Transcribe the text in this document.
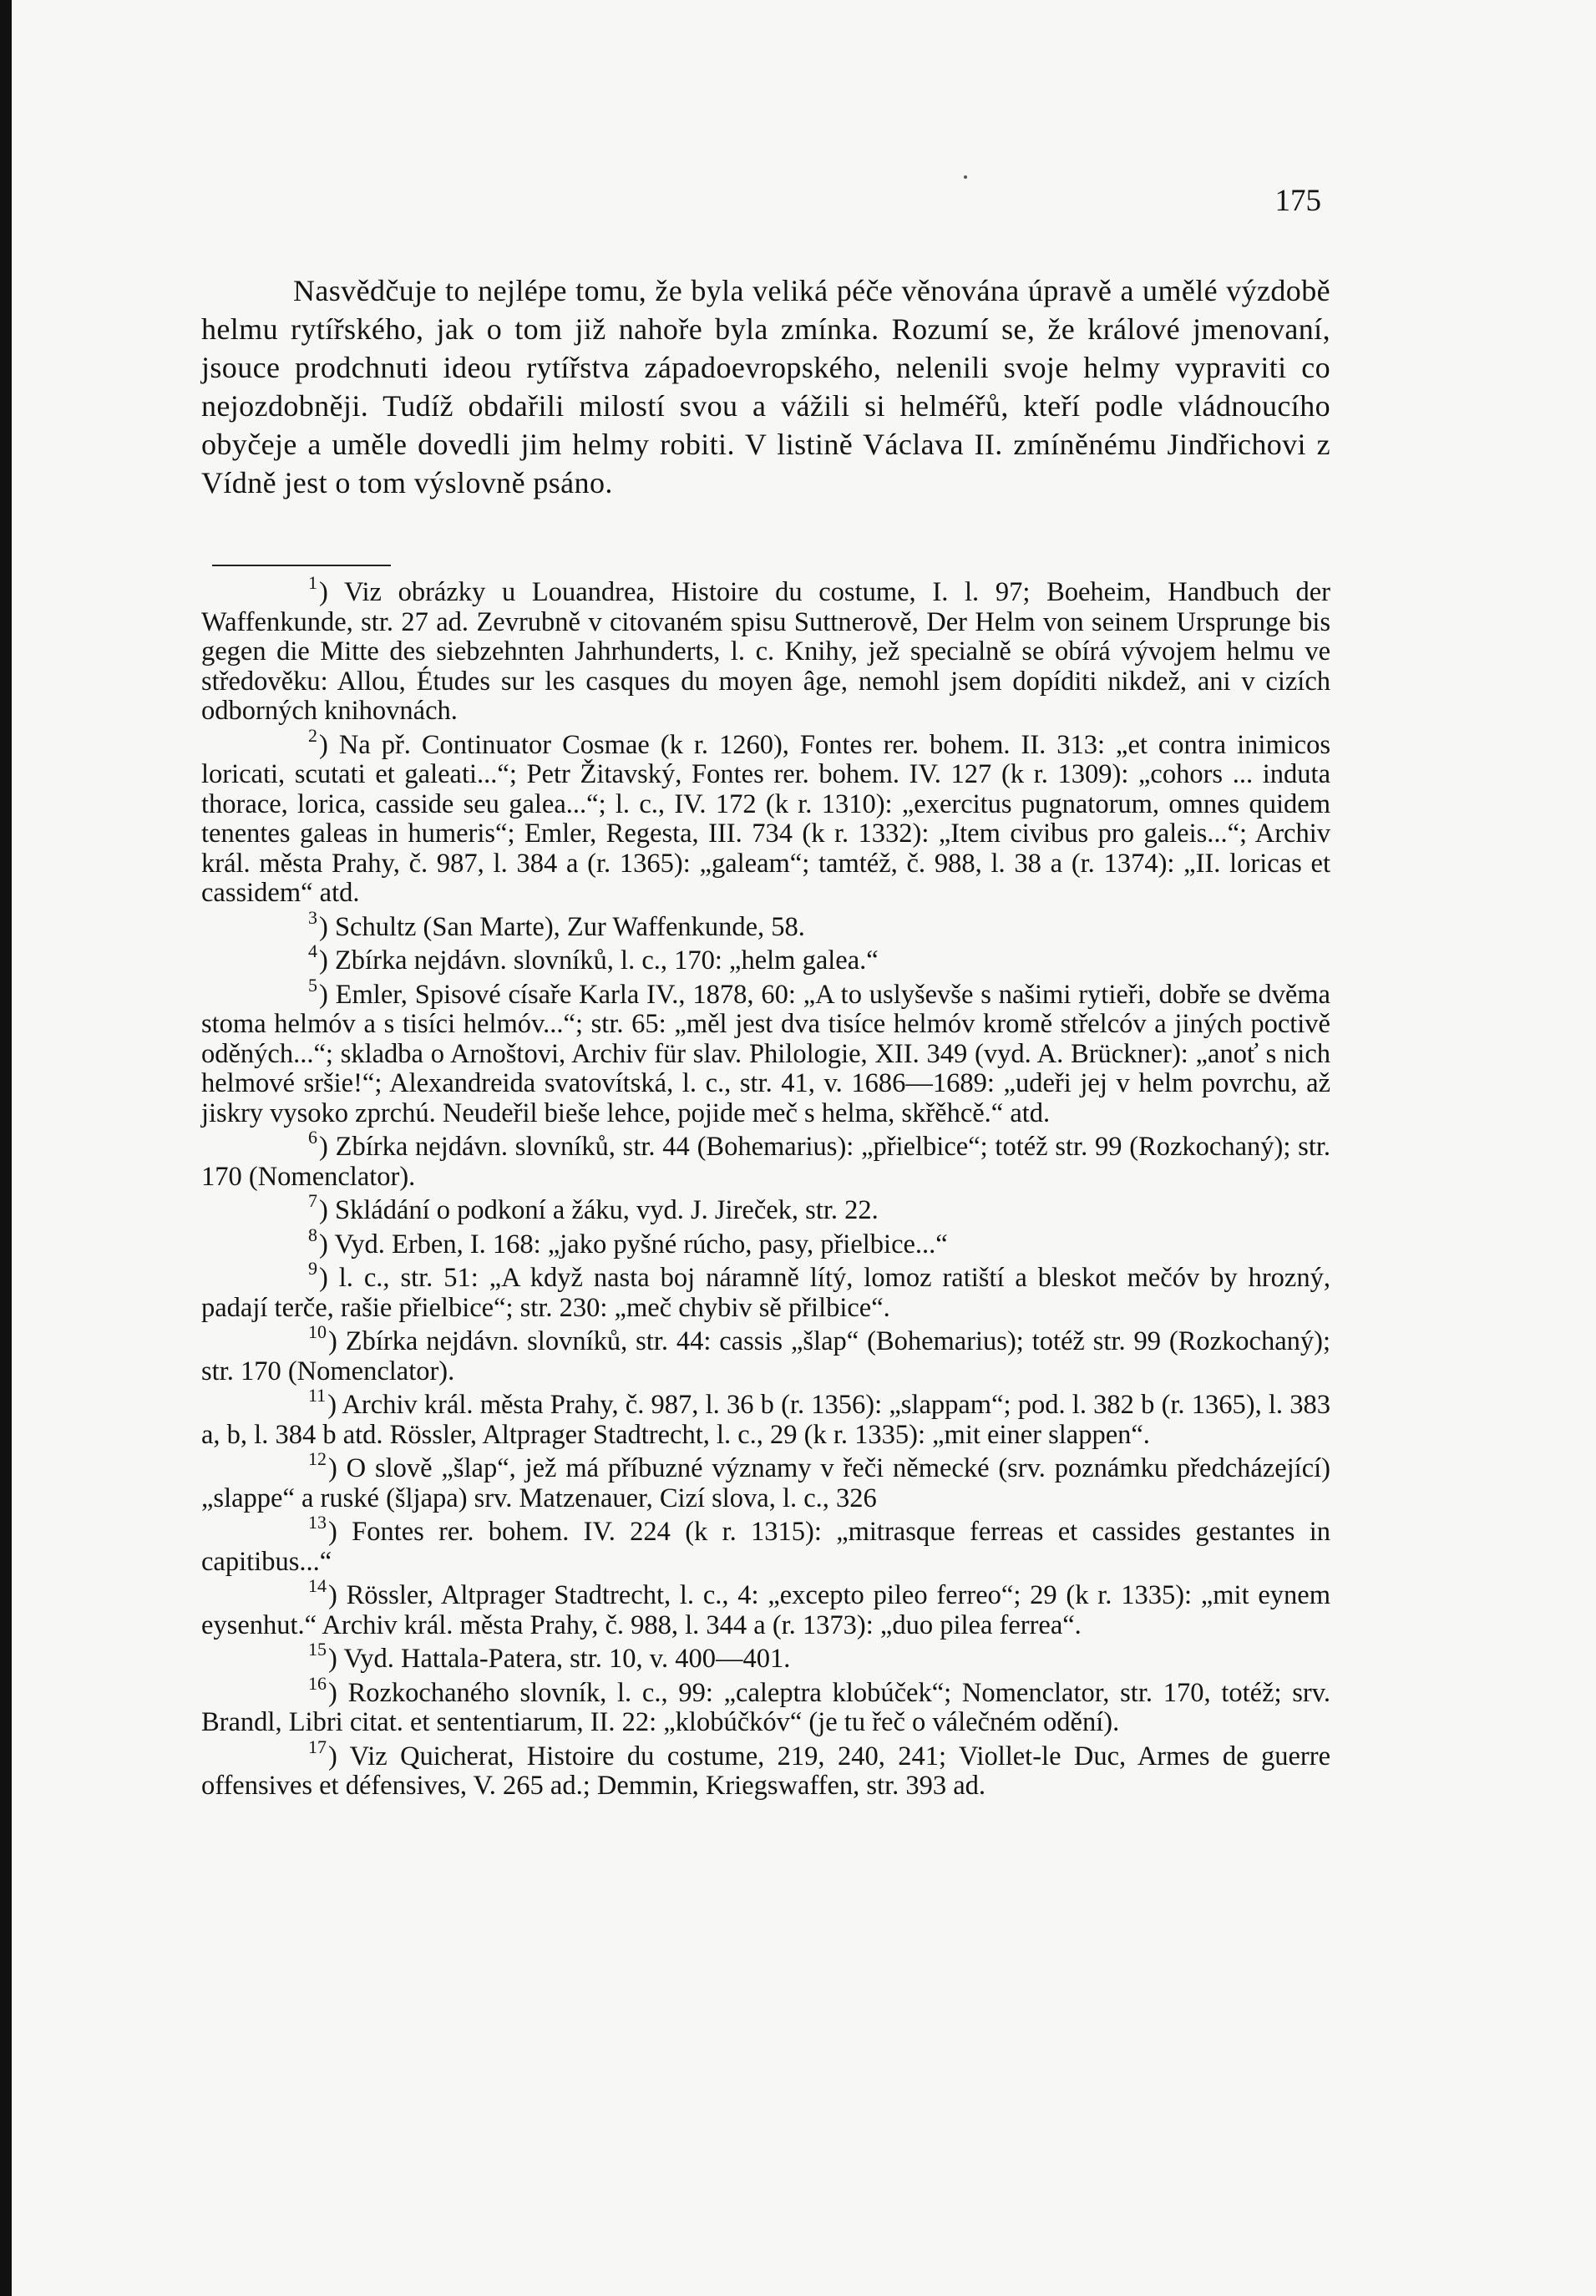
175

Nasvědčuje to nejlépe tomu, že byla veliká péče věnována úpravě a umělé výzdobě helmu rytířského, jak o tom již nahoře byla zmínka. Rozumí se, že králové jmenovaní, jsouce prodchnuti ideou rytířstva západoevropského, nelenili svoje helmy vypraviti co nejozdobněji. Tudíž obdařili milostí svou a vážili si helméřů, kteří podle vládnoucího obyčeje a uměle dovedli jim helmy robiti. V listině Václava II. zmíněnému Jindřichovi z Vídně jest o tom výslovně psáno.

$^1$) Viz obrázky u Louandrea, Histoire du costume, I. l. 97; Boeheim, Handbuch der Waffenkunde, str. 27 ad. Zevrubně v citovaném spisu Suttnerově, Der Helm von seinem Ursprunge bis gegen die Mitte des siebzehnten Jahrhunderts, l. c. Knihy, jež specialně se obírá vývojem helmu ve středověku: Allou, Études sur les casques du moyen âge, nemohl jsem dopíditi nikdež, ani v cizích odborných knihovnách.

$^2$) Na př. Continuator Cosmae (k r. 1260), Fontes rer. bohem. II. 313: „et contra inimicos loricati, scutati et galeati...“; Petr Žitavský, Fontes rer. bohem. IV. 127 (k r. 1309): „cohors ... induta thorace, lorica, casside seu galea...“; l. c., IV. 172 (k r. 1310): „exercitus pugnatorum, omnes quidem tenentes galeas in humeris“; Emler, Regesta, III. 734 (k r. 1332): „Item civibus pro galeis...“; Archiv král. města Prahy, č. 987, l. 384 a (r. 1365): „galeam“; tamtéž, č. 988, l. 38 a (r. 1374): „II. loricas et cassidem“ atd.

$^3$) Schultz (San Marte), Zur Waffenkunde, 58.

$^4$) Zbírka nejdávn. slovníků, l. c., 170: „helm galea.“

$^5$) Emler, Spisové císaře Karla IV., 1878, 60: „A to uslyševše s našimi rytieři, dobře se dvěma stoma helmóv a s tisíci helmóv...“; str. 65: „měl jest dva tisíce helmóv kromě střelcóv a jiných poctivě oděných...“; skladba o Arnoštovi, Archiv für slav. Philologie, XII. 349 (vyd. A. Brückner): „anoť s nich helmové sršie!“; Alexandreida svatovítská, l. c., str. 41, v. 1686—1689: „udeři jej v helm povrchu, až jiskry vysoko zprchú. Neudeřil bieše lehce, pojide meč s helma, skřěhcě.“ atd.

$^6$) Zbírka nejdávn. slovníků, str. 44 (Bohemarius): „přielbice“; totéž str. 99 (Rozkochaný); str. 170 (Nomenclator).

$^7$) Skládání o podkoní a žáku, vyd. J. Jireček, str. 22.

$^8$) Vyd. Erben, I. 168: „jako pyšné rúcho, pasy, přielbice...“

$^9$) l. c., str. 51: „A když nasta boj náramně lítý, lomoz ratiští a bleskot mečóv by hrozný, padají terče, rašie přielbice“; str. 230: „meč chybiv sě přilbice“.

$^{10}$) Zbírka nejdávn. slovníků, str. 44: cassis „šlap“ (Bohemarius); totéž str. 99 (Rozkochaný); str. 170 (Nomenclator).

$^{11}$) Archiv král. města Prahy, č. 987, l. 36 b (r. 1356): „slappam“; pod. l. 382 b (r. 1365), l. 383 a, b, l. 384 b atd. Rössler, Altprager Stadtrecht, l. c., 29 (k r. 1335): „mit einer slappen“.

$^{12}$) O slově „šlap“, jež má příbuzné významy v řeči německé (srv. poznámku předcházející) „slappe“ a ruské (šljapa) srv. Matzenauer, Cizí slova, l. c., 326

$^{13}$) Fontes rer. bohem. IV. 224 (k r. 1315): „mitrasque ferreas et cassides gestantes in capitibus...“

$^{14}$) Rössler, Altprager Stadtrecht, l. c., 4: „excepto pileo ferreo“; 29 (k r. 1335): „mit eynem eysenhut.“ Archiv král. města Prahy, č. 988, l. 344 a (r. 1373): „duo pilea ferrea“.

$^{15}$) Vyd. Hattala-Patera, str. 10, v. 400—401.

$^{16}$) Rozkochaného slovník, l. c., 99: „caleptra klobúček“; Nomenclator, str. 170, totéž; srv. Brandl, Libri citat. et sententiarum, II. 22: „klobúčkóv“ (je tu řeč o válečném odění).

$^{17}$) Viz Quicherat, Histoire du costume, 219, 240, 241; Viollet-le Duc, Armes de guerre offensives et défensives, V. 265 ad.; Demmin, Kriegswaffen, str. 393 ad.
